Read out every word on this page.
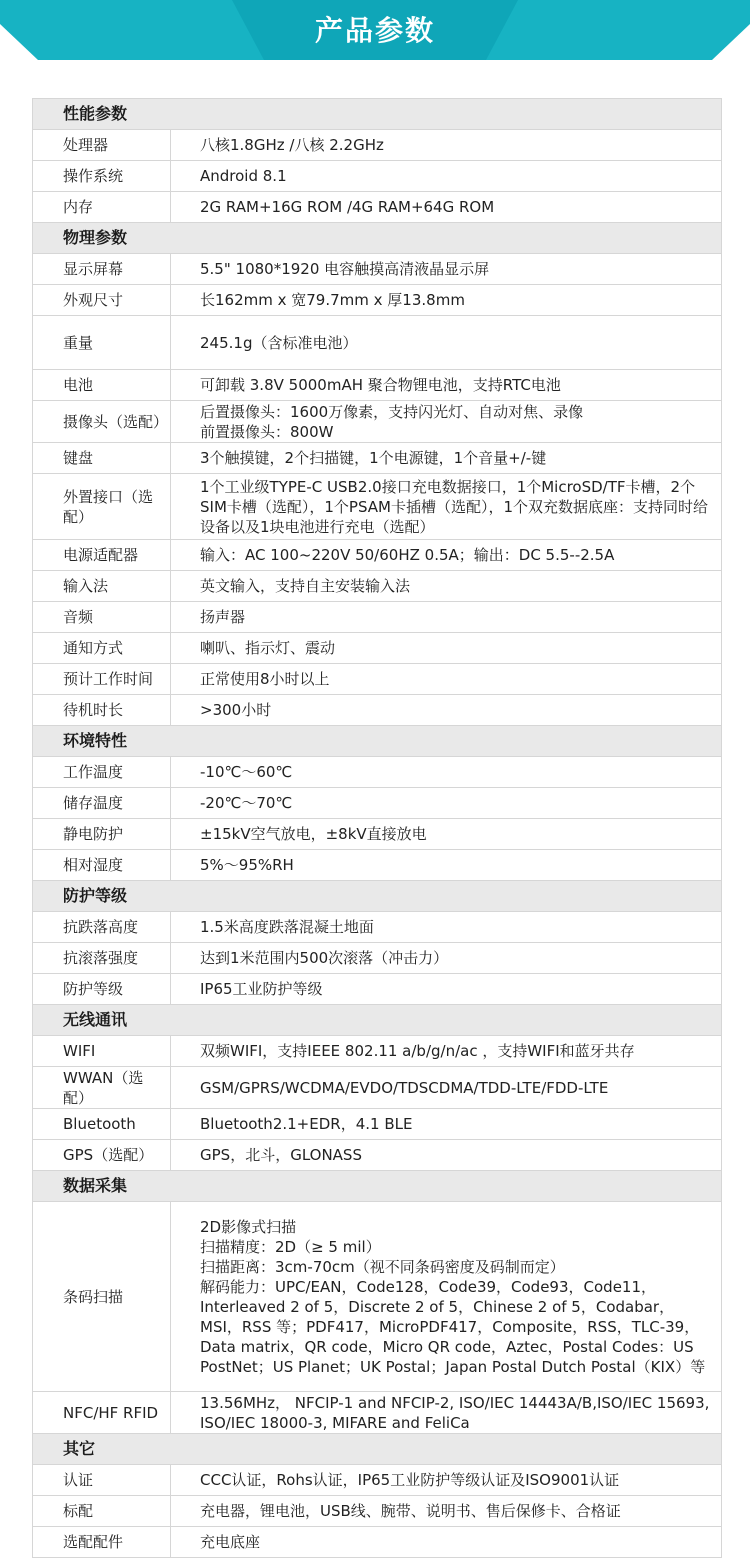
产品参数
性能参数	
处理器	八核1.8GHz /八核 2.2GHz
操作系统	Android 8.1
内存	2G RAM+16G ROM /4G RAM+64G ROM
物理参数	
显示屏幕	5.5" 1080*1920 电容触摸高清液晶显示屏
外观尺寸	长162mm x 宽79.7mm x 厚13.8mm
重量	245.1g（含标准电池）
电池	可卸载 3.8V 5000mAH 聚合物锂电池，支持RTC电池
摄像头（选配）	后置摄像头：1600万像素，支持闪光灯、自动对焦、录像
前置摄像头：800W

键盘	3个触摸键，2个扫描键，1个电源键，1个音量+/-键
外置接口（选配）	1个工业级TYPE-C USB2.0接口充电数据接口，1个MicroSD/TF卡槽，2个SIM卡槽（选配），1个PSAM卡插槽（选配），1个双充数据底座：支持同时给设备以及1块电池进行充电（选配）
电源适配器	输入：AC 100~220V 50/60HZ 0.5A；输出：DC 5.5--2.5A
输入法	英文输入，支持自主安装输入法
音频	扬声器
通知方式	喇叭、指示灯、震动
预计工作时间	正常使用8小时以上
待机时长	>300小时
环境特性	
工作温度	-10℃～60℃
储存温度	-20℃～70℃
静电防护	±15kV空气放电，±8kV直接放电
相对湿度	5%～95%RH
防护等级	
抗跌落高度	1.5米高度跌落混凝土地面
抗滚落强度	达到1米范围内500次滚落（冲击力）
防护等级	IP65工业防护等级
无线通讯	
WIFI	双频WIFI，支持IEEE 802.11 a/b/g/n/ac ，支持WIFI和蓝牙共存
WWAN（选配）	GSM/GPRS/WCDMA/EVDO/TDSCDMA/TDD-LTE/FDD-LTE
Bluetooth	Bluetooth2.1+EDR，4.1 BLE
GPS（选配）	GPS，北斗，GLONASS
数据采集	
条码扫描	2D影像式扫描
扫描精度：2D（≥ 5 mil）
扫描距离：3cm-70cm（视不同条码密度及码制而定）
解码能力：UPC/EAN，Code128，Code39，Code93，Code11，Interleaved 2 of 5，Discrete 2 of 5，Chinese 2 of 5，Codabar，MSI，RSS 等；PDF417，MicroPDF417，Composite，RSS，TLC-39，Data matrix，QR code，Micro QR code，Aztec，Postal Codes：US PostNet；US Planet；UK Postal；Japan Postal Dutch Postal（KIX）等

NFC/HF RFID	13.56MHz， NFCIP-1 and NFCIP-2, ISO/IEC 14443A/B,ISO/IEC 15693, ISO/IEC 18000-3, MIFARE and FeliCa
其它	
认证	CCC认证，Rohs认证，IP65工业防护等级认证及ISO9001认证
标配	充电器，锂电池，USB线、腕带、说明书、售后保修卡、合格证
选配配件	充电底座
